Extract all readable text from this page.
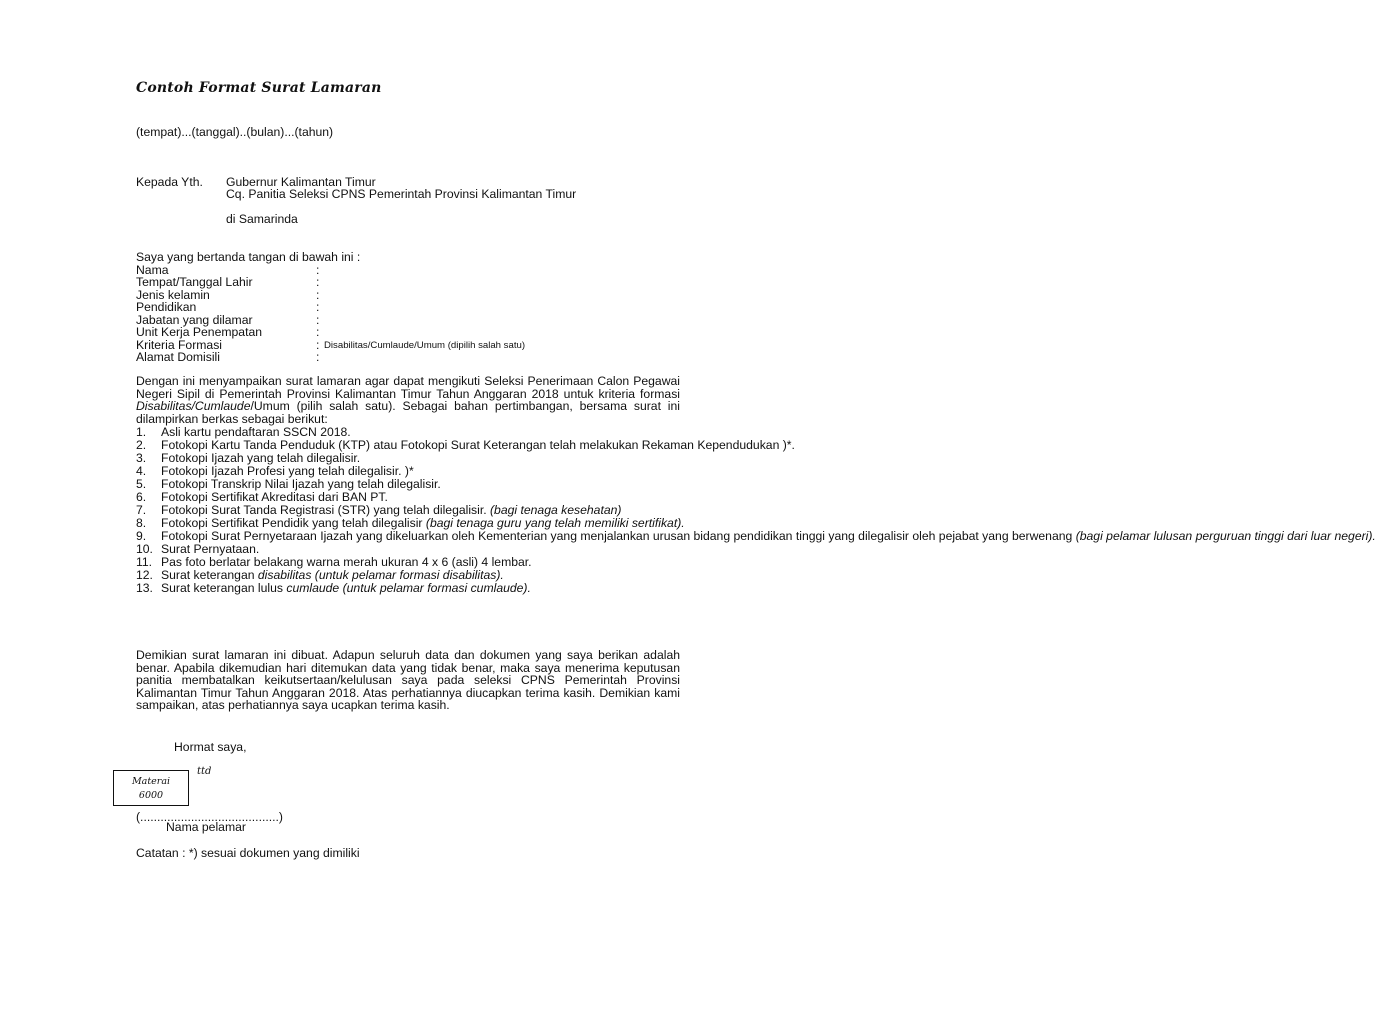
Contoh Format Surat Lamaran
(tempat)...(tanggal)..(bulan)...(tahun)
Kepada Yth. Gubernur Kalimantan Timur
Cq. Panitia Seleksi CPNS Pemerintah Provinsi Kalimantan Timur
di Samarinda
Saya yang bertanda tangan di bawah ini :
Nama	:
Tempat/Tanggal Lahir	:
Jenis kelamin	:
Pendidikan	:
Jabatan yang dilamar	:
Unit Kerja Penempatan	:
Kriteria Formasi	: Disabilitas/Cumlaude/Umum (dipilih salah satu)
Alamat Domisili	:
Dengan ini menyampaikan surat lamaran agar dapat mengikuti Seleksi Penerimaan Calon Pegawai Negeri Sipil di Pemerintah Provinsi Kalimantan Timur Tahun Anggaran 2018 untuk kriteria formasi Disabilitas/Cumlaude/Umum (pilih salah satu). Sebagai bahan pertimbangan, bersama surat ini dilampirkan berkas sebagai berikut:
1.	Asli kartu pendaftaran SSCN 2018.
2.	Fotokopi Kartu Tanda Penduduk (KTP) atau Fotokopi Surat Keterangan telah melakukan Rekaman Kependudukan )*.
3.	Fotokopi Ijazah yang telah dilegalisir.
4.	Fotokopi Ijazah Profesi yang telah dilegalisir. )*
5.	Fotokopi Transkrip Nilai Ijazah yang telah dilegalisir.
6.	Fotokopi Sertifikat Akreditasi dari BAN PT.
7.	Fotokopi Surat Tanda Registrasi (STR) yang telah dilegalisir. (bagi tenaga kesehatan)
8.	Fotokopi Sertifikat Pendidik yang telah dilegalisir (bagi tenaga guru yang telah memiliki sertifikat).
9.	Fotokopi Surat Pernyetaraan Ijazah yang dikeluarkan oleh Kementerian yang menjalankan urusan bidang pendidikan tinggi yang dilegalisir oleh pejabat yang berwenang (bagi pelamar lulusan perguruan tinggi dari luar negeri).
10. Surat Pernyataan.
11. Pas foto berlatar belakang warna merah ukuran 4 x 6 (asli) 4 lembar.
12. Surat keterangan disabilitas (untuk pelamar formasi disabilitas).
13. Surat keterangan lulus cumlaude (untuk pelamar formasi cumlaude).
Demikian surat lamaran ini dibuat. Adapun seluruh data dan dokumen yang saya berikan adalah benar. Apabila dikemudian hari ditemukan data yang tidak benar, maka saya menerima keputusan panitia membatalkan keikutsertaan/kelulusan saya pada seleksi CPNS Pemerintah Provinsi Kalimantan Timur Tahun Anggaran 2018. Atas perhatiannya diucapkan terima kasih. Demikian kami sampaikan, atas perhatiannya saya ucapkan terima kasih.
Hormat saya,
Materai
6000
ttd
(.........................................)
Nama pelamar
Catatan : *) sesuai dokumen yang dimiliki
